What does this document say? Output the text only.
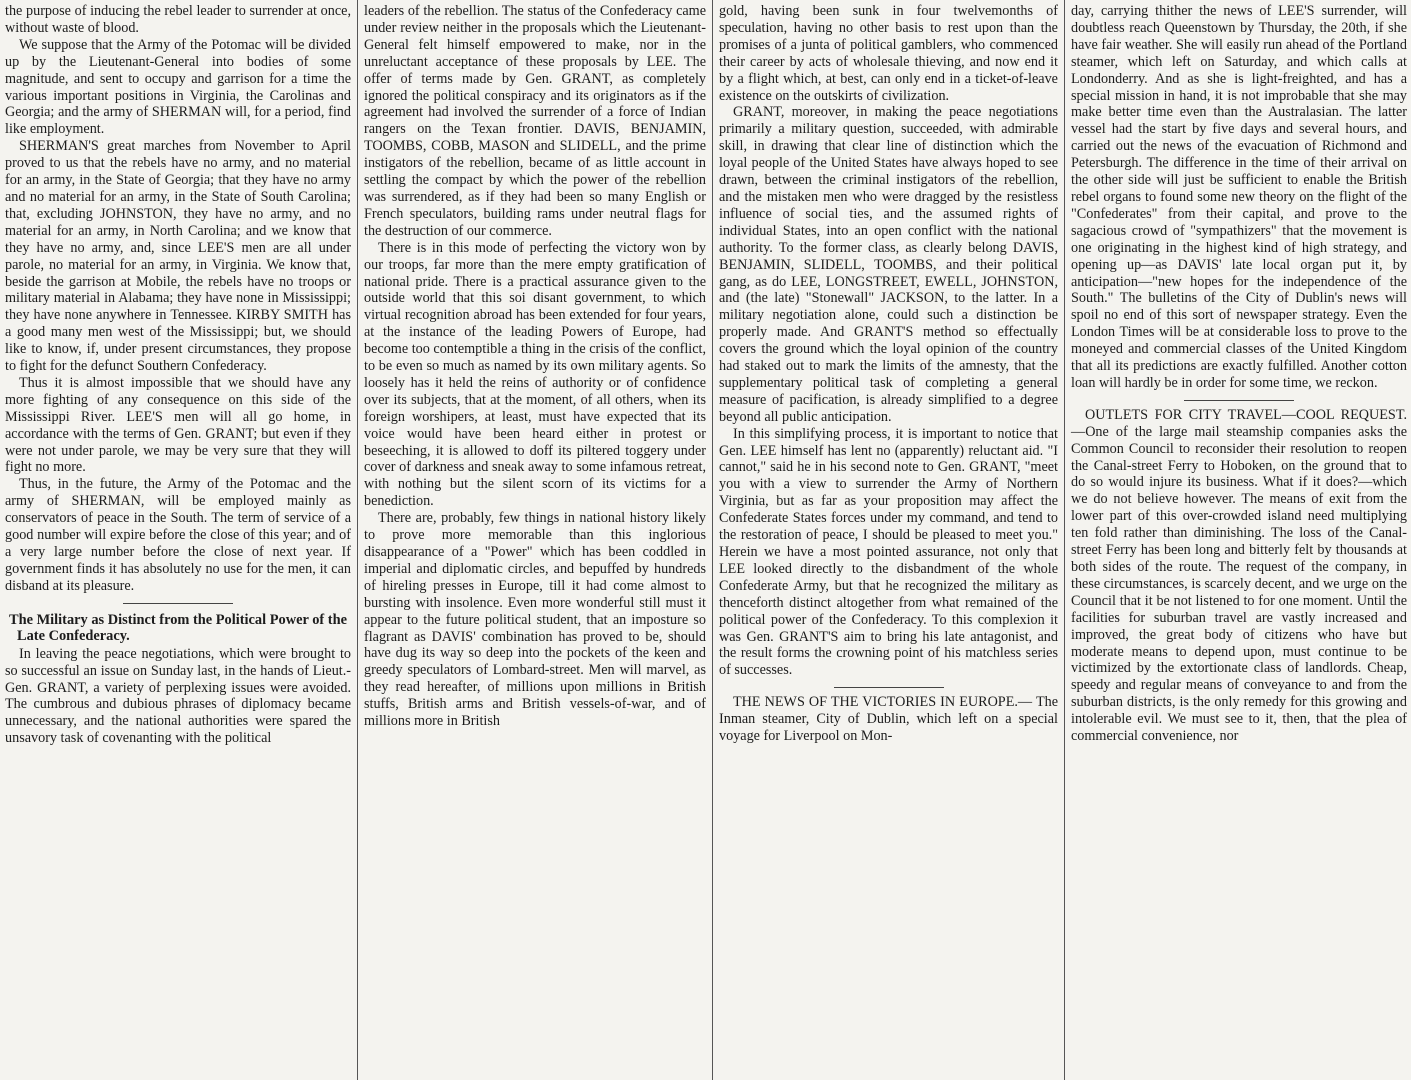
the purpose of inducing the rebel leader to surrender at once, without waste of blood.

We suppose that the Army of the Potomac will be divided up by the Lieutenant-General into bodies of some magnitude, and sent to occupy and garrison for a time the various important positions in Virginia, the Carolinas and Georgia; and the army of SHERMAN will, for a period, find like employment.

SHERMAN'S great marches from November to April proved to us that the rebels have no army, and no material for an army, in the State of Georgia; that they have no army and no material for an army, in the State of South Carolina; that, excluding JOHNSTON, they have no army, and no material for an army, in North Carolina; and we know that they have no army, and, since LEE'S men are all under parole, no material for an army, in Virginia. We know that, beside the garrison at Mobile, the rebels have no troops or military material in Alabama; they have none in Mississippi; they have none anywhere in Tennessee. KIRBY SMITH has a good many men west of the Mississippi; but, we should like to know, if, under present circumstances, they propose to fight for the defunct Southern Confederacy.

Thus it is almost impossible that we should have any more fighting of any consequence on this side of the Mississippi River. LEE'S men will all go home, in accordance with the terms of Gen. GRANT; but even if they were not under parole, we may be very sure that they will fight no more.

Thus, in the future, the Army of the Potomac and the army of SHERMAN, will be employed mainly as conservators of peace in the South. The term of service of a good number will expire before the close of this year; and of a very large number before the close of next year. If government finds it has absolutely no use for the men, it can disband at its pleasure.

The Military as Distinct from the Political Power of the Late Confederacy.

In leaving the peace negotiations, which were brought to so successful an issue on Sunday last, in the hands of Lieut.-Gen. GRANT, a variety of perplexing issues were avoided. The cumbrous and dubious phrases of diplomacy became unnecessary, and the national authorities were spared the unsavory task of covenanting with the political

leaders of the rebellion. The status of the Confederacy came under review neither in the proposals which the Lieutenant-General felt himself empowered to make, nor in the unreluctant acceptance of these proposals by LEE. The offer of terms made by Gen. GRANT, as completely ignored the political conspiracy and its originators as if the agreement had involved the surrender of a force of Indian rangers on the Texan frontier. DAVIS, BENJAMIN, TOOMBS, COBB, MASON and SLIDELL, and the prime instigators of the rebellion, became of as little account in settling the compact by which the power of the rebellion was surrendered, as if they had been so many English or French speculators, building rams under neutral flags for the destruction of our commerce.

There is in this mode of perfecting the victory won by our troops, far more than the mere empty gratification of national pride. There is a practical assurance given to the outside world that this soi disant government, to which virtual recognition abroad has been extended for four years, at the instance of the leading Powers of Europe, had become too contemptible a thing in the crisis of the conflict, to be even so much as named by its own military agents. So loosely has it held the reins of authority or of confidence over its subjects, that at the moment, of all others, when its foreign worshipers, at least, must have expected that its voice would have been heard either in protest or beseeching, it is allowed to doff its piltered toggery under cover of darkness and sneak away to some infamous retreat, with nothing but the silent scorn of its victims for a benediction.

There are, probably, few things in national history likely to prove more memorable than this inglorious disappearance of a "Power" which has been coddled in imperial and diplomatic circles, and bepuffed by hundreds of hireling presses in Europe, till it had come almost to bursting with insolence. Even more wonderful still must it appear to the future political student, that an imposture so flagrant as DAVIS' combination has proved to be, should have dug its way so deep into the pockets of the keen and greedy speculators of Lombard-street. Men will marvel, as they read hereafter, of millions upon millions in British stuffs, British arms and British vessels-of-war, and of millions more in British

gold, having been sunk in four twelvemonths of speculation, having no other basis to rest upon than the promises of a junta of political gamblers, who commenced their career by acts of wholesale thieving, and now end it by a flight which, at best, can only end in a ticket-of-leave existence on the outskirts of civilization.

GRANT, moreover, in making the peace negotiations primarily a military question, succeeded, with admirable skill, in drawing that clear line of distinction which the loyal people of the United States have always hoped to see drawn, between the criminal instigators of the rebellion, and the mistaken men who were dragged by the resistless influence of social ties, and the assumed rights of individual States, into an open conflict with the national authority. To the former class, as clearly belong DAVIS, BENJAMIN, SLIDELL, TOOMBS, and their political gang, as do LEE, LONGSTREET, EWELL, JOHNSTON, and (the late) "Stonewall" JACKSON, to the latter. In a military negotiation alone, could such a distinction be properly made. And GRANT'S method so effectually covers the ground which the loyal opinion of the country had staked out to mark the limits of the amnesty, that the supplementary political task of completing a general measure of pacification, is already simplified to a degree beyond all public anticipation.

In this simplifying process, it is important to notice that Gen. LEE himself has lent no (apparently) reluctant aid. "I cannot," said he in his second note to Gen. GRANT, "meet you with a view to surrender the Army of Northern Virginia, but as far as your proposition may affect the Confederate States forces under my command, and tend to the restoration of peace, I should be pleased to meet you." Herein we have a most pointed assurance, not only that LEE looked directly to the disbandment of the whole Confederate Army, but that he recognized the military as thenceforth distinct altogether from what remained of the political power of the Confederacy. To this complexion it was Gen. GRANT'S aim to bring his late antagonist, and the result forms the crowning point of his matchless series of successes.

THE NEWS OF THE VICTORIES IN EUROPE.— The Inman steamer, City of Dublin, which left on a special voyage for Liverpool on Mon-

day, carrying thither the news of LEE'S surrender, will doubtless reach Queenstown by Thursday, the 20th, if she have fair weather. She will easily run ahead of the Portland steamer, which left on Saturday, and which calls at Londonderry. And as she is light-freighted, and has a special mission in hand, it is not improbable that she may make better time even than the Australasian. The latter vessel had the start by five days and several hours, and carried out the news of the evacuation of Richmond and Petersburgh. The difference in the time of their arrival on the other side will just be sufficient to enable the British rebel organs to found some new theory on the flight of the "Confederates" from their capital, and prove to the sagacious crowd of "sympathizers" that the movement is one originating in the highest kind of high strategy, and opening up—as DAVIS' late local organ put it, by anticipation—"new hopes for the independence of the South." The bulletins of the City of Dublin's news will spoil no end of this sort of newspaper strategy. Even the London Times will be at considerable loss to prove to the moneyed and commercial classes of the United Kingdom that all its predictions are exactly fulfilled. Another cotton loan will hardly be in order for some time, we reckon.

OUTLETS FOR CITY TRAVEL—COOL REQUEST.—One of the large mail steamship companies asks the Common Council to reconsider their resolution to reopen the Canal-street Ferry to Hoboken, on the ground that to do so would injure its business. What if it does?—which we do not believe however. The means of exit from the lower part of this over-crowded island need multiplying ten fold rather than diminishing. The loss of the Canal-street Ferry has been long and bitterly felt by thousands at both sides of the route. The request of the company, in these circumstances, is scarcely decent, and we urge on the Council that it be not listened to for one moment. Until the facilities for suburban travel are vastly increased and improved, the great body of citizens who have but moderate means to depend upon, must continue to be victimized by the extortionate class of landlords. Cheap, speedy and regular means of conveyance to and from the suburban districts, is the only remedy for this growing and intolerable evil. We must see to it, then, that the plea of commercial convenience, nor
